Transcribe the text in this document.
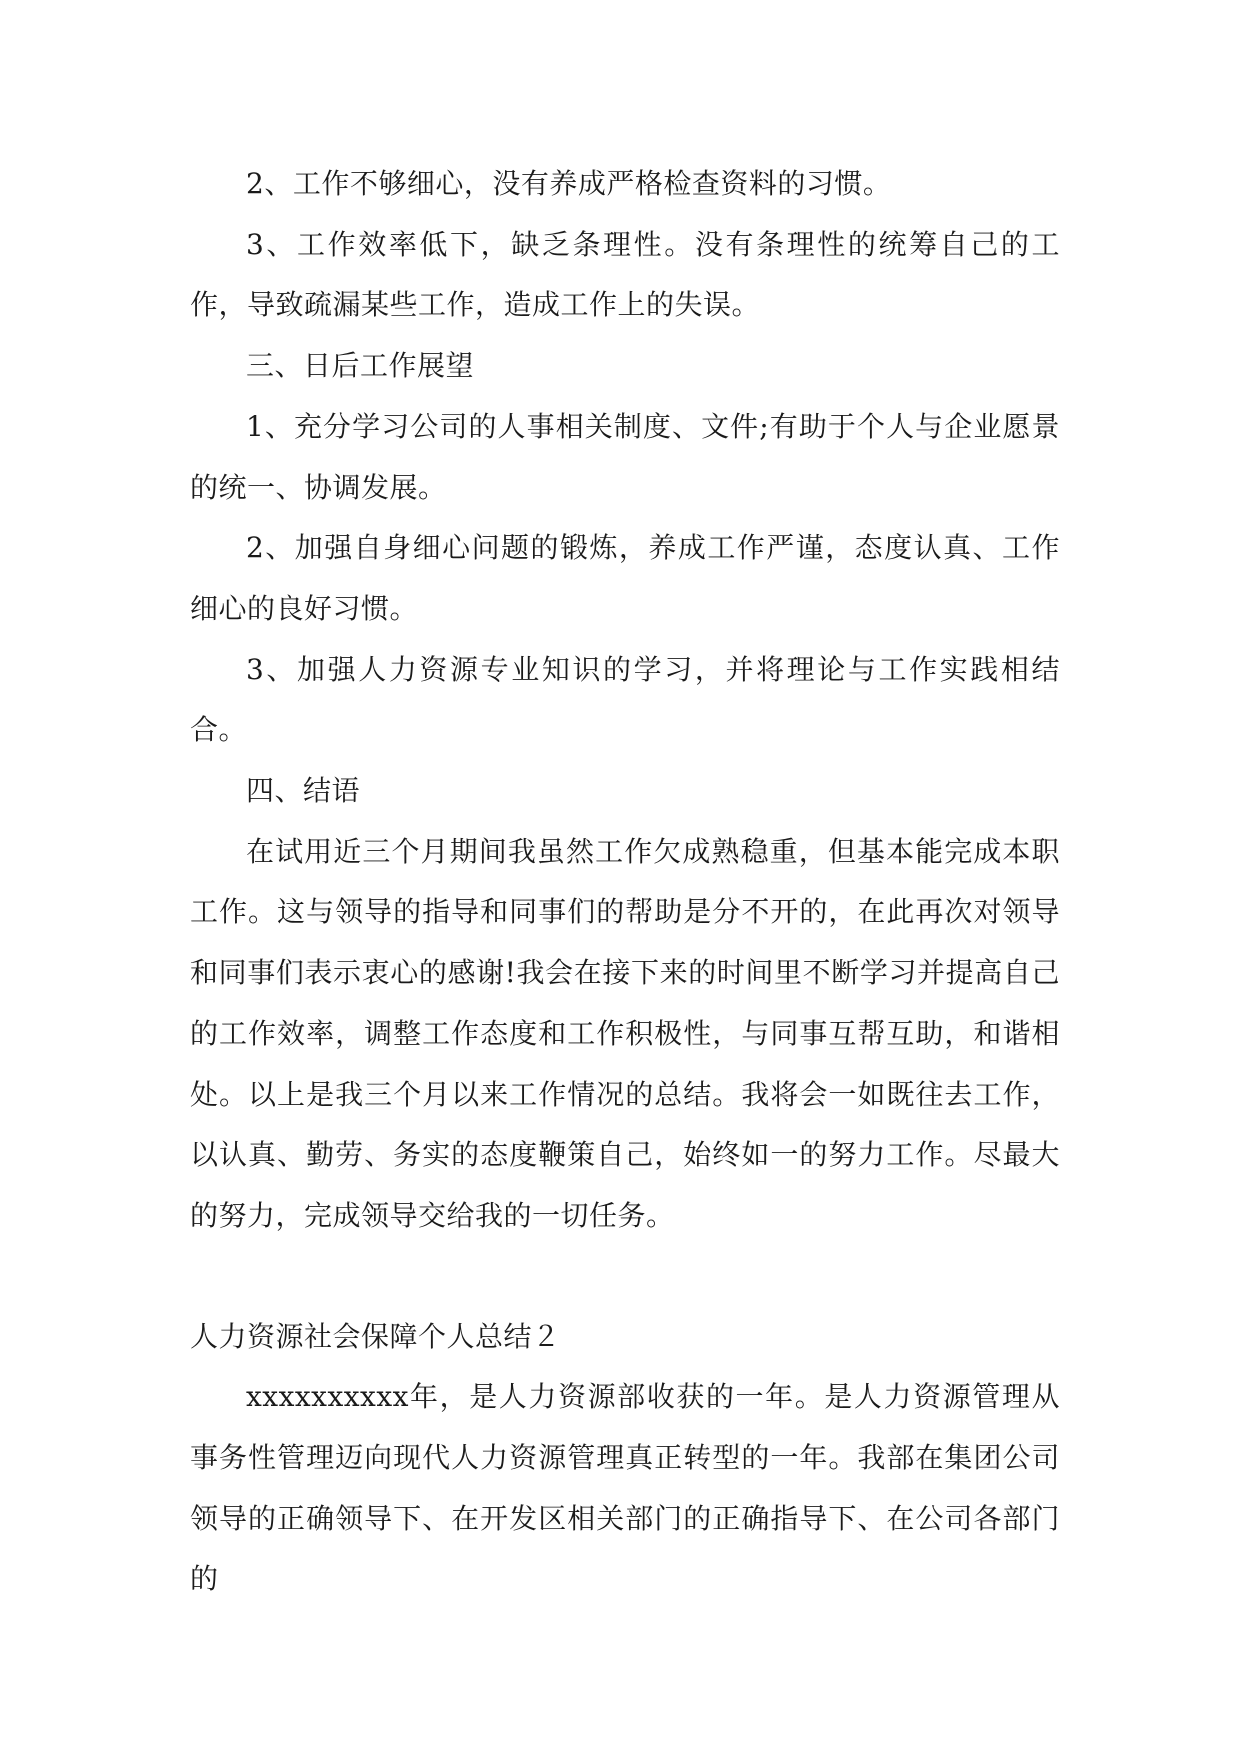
2、工作不够细心，没有养成严格检查资料的习惯。

3、工作效率低下，缺乏条理性。没有条理性的统筹自己的工作，导致疏漏某些工作，造成工作上的失误。

三、日后工作展望

1、充分学习公司的人事相关制度、文件;有助于个人与企业愿景的统一、协调发展。

2、加强自身细心问题的锻炼，养成工作严谨，态度认真、工作细心的良好习惯。

3、加强人力资源专业知识的学习，并将理论与工作实践相结合。

四、结语

在试用近三个月期间我虽然工作欠成熟稳重，但基本能完成本职工作。这与领导的指导和同事们的帮助是分不开的，在此再次对领导和同事们表示衷心的感谢!我会在接下来的时间里不断学习并提高自己的工作效率，调整工作态度和工作积极性，与同事互帮互助，和谐相处。以上是我三个月以来工作情况的总结。我将会一如既往去工作，以认真、勤劳、务实的态度鞭策自己，始终如一的努力工作。尽最大的努力，完成领导交给我的一切任务。

人力资源社会保障个人总结２

xxxxxxxxxx年，是人力资源部收获的一年。是人力资源管理从事务性管理迈向现代人力资源管理真正转型的一年。我部在集团公司领导的正确领导下、在开发区相关部门的正确指导下、在公司各部门的
